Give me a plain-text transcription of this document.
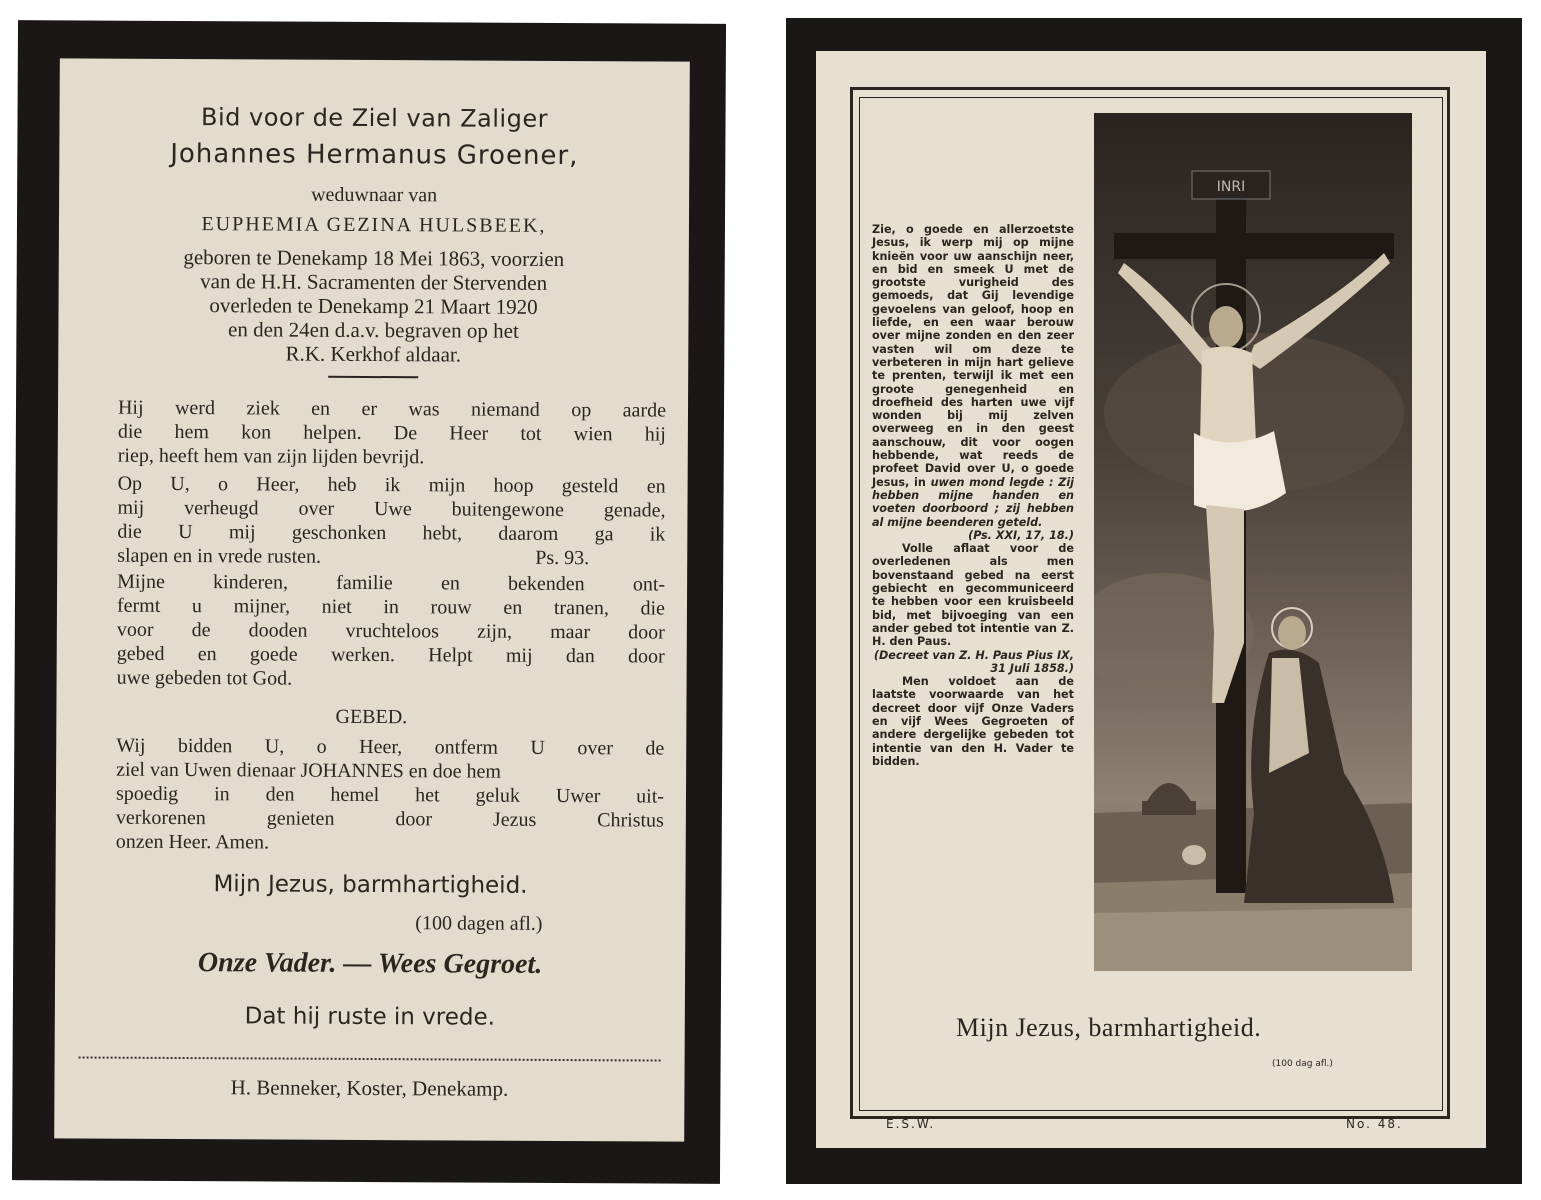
Bid voor de Ziel van Zaliger
Johannes Hermanus Groener,
weduwnaar van
EUPHEMIA GEZINA HULSBEEK,
geboren te Denekamp 18 Mei 1863, voorzien
van de H.H. Sacramenten der Stervenden
overleden te Denekamp 21 Maart 1920
en den 24en d.a.v. begraven op het
R.K. Kerkhof aldaar.
Hij werd ziek en er was niemand op aarde
die hem kon helpen. De Heer tot wien hij
riep, heeft hem van zijn lijden bevrijd.
Op U, o Heer, heb ik mijn hoop gesteld en
mij verheugd over Uwe buitengewone genade,
die U mij geschonken hebt, daarom ga ik
slapen en in vrede rusten.	Ps. 93.
Mijne kinderen, familie en bekenden ont-
fermt u mijner, niet in rouw en tranen, die
voor de dooden vruchteloos zijn, maar door
gebed en goede werken. Helpt mij dan door
uwe gebeden tot God.
GEBED.
Wij bidden U, o Heer, ontferm U over de
ziel van Uwen dienaar JOHANNES en doe hem
spoedig in den hemel het geluk Uwer uit-
verkorenen genieten door Jezus Christus
onzen Heer. Amen.
Mijn Jezus, barmhartigheid.
(100 dagen afl.)
Onze Vader. — Wees Gegroet.
Dat hij ruste in vrede.
H. Benneker, Koster, Denekamp.
Zie, o goede en allerzoetste Jesus, ik werp mij op mijne knieën voor uw aanschijn neer, en bid en smeek U met de grootste vurigheid des gemoeds, dat Gij levendige gevoelens van geloof, hoop en liefde, en een waar berouw over mijne zonden en den zeer vasten wil om deze te verbeteren in mijn hart gelieve te prenten, terwijl ik met een groote genegenheid en droefheid des harten uwe vijf wonden bij mij zelven overweeg en in den geest aanschouw, dit voor oogen hebbende, wat reeds de profeet David over U, o goede Jesus, in uwen mond legde : Zij hebben mijne handen en voeten doorboord ; zij hebben al mijne beenderen geteld.
(Ps. XXI, 17, 18.)
Volle aflaat voor de overledenen als men bovenstaand gebed na eerst gebiecht en gecommuniceerd te hebben voor een kruisbeeld bid, met bijvoeging van een ander gebed tot intentie van Z. H. den Paus.
(Decreet van Z. H. Paus Pius IX, 31 Juli 1858.)
Men voldoet aan de laatste voorwaarde van het decreet door vijf Onze Vaders en vijf Wees Gegroeten of andere dergelijke gebeden tot intentie van den H. Vader te bidden.
INRI
Mijn Jezus, barmhartigheid.
(100 dag afl.)
E.S.W.	No. 48.
